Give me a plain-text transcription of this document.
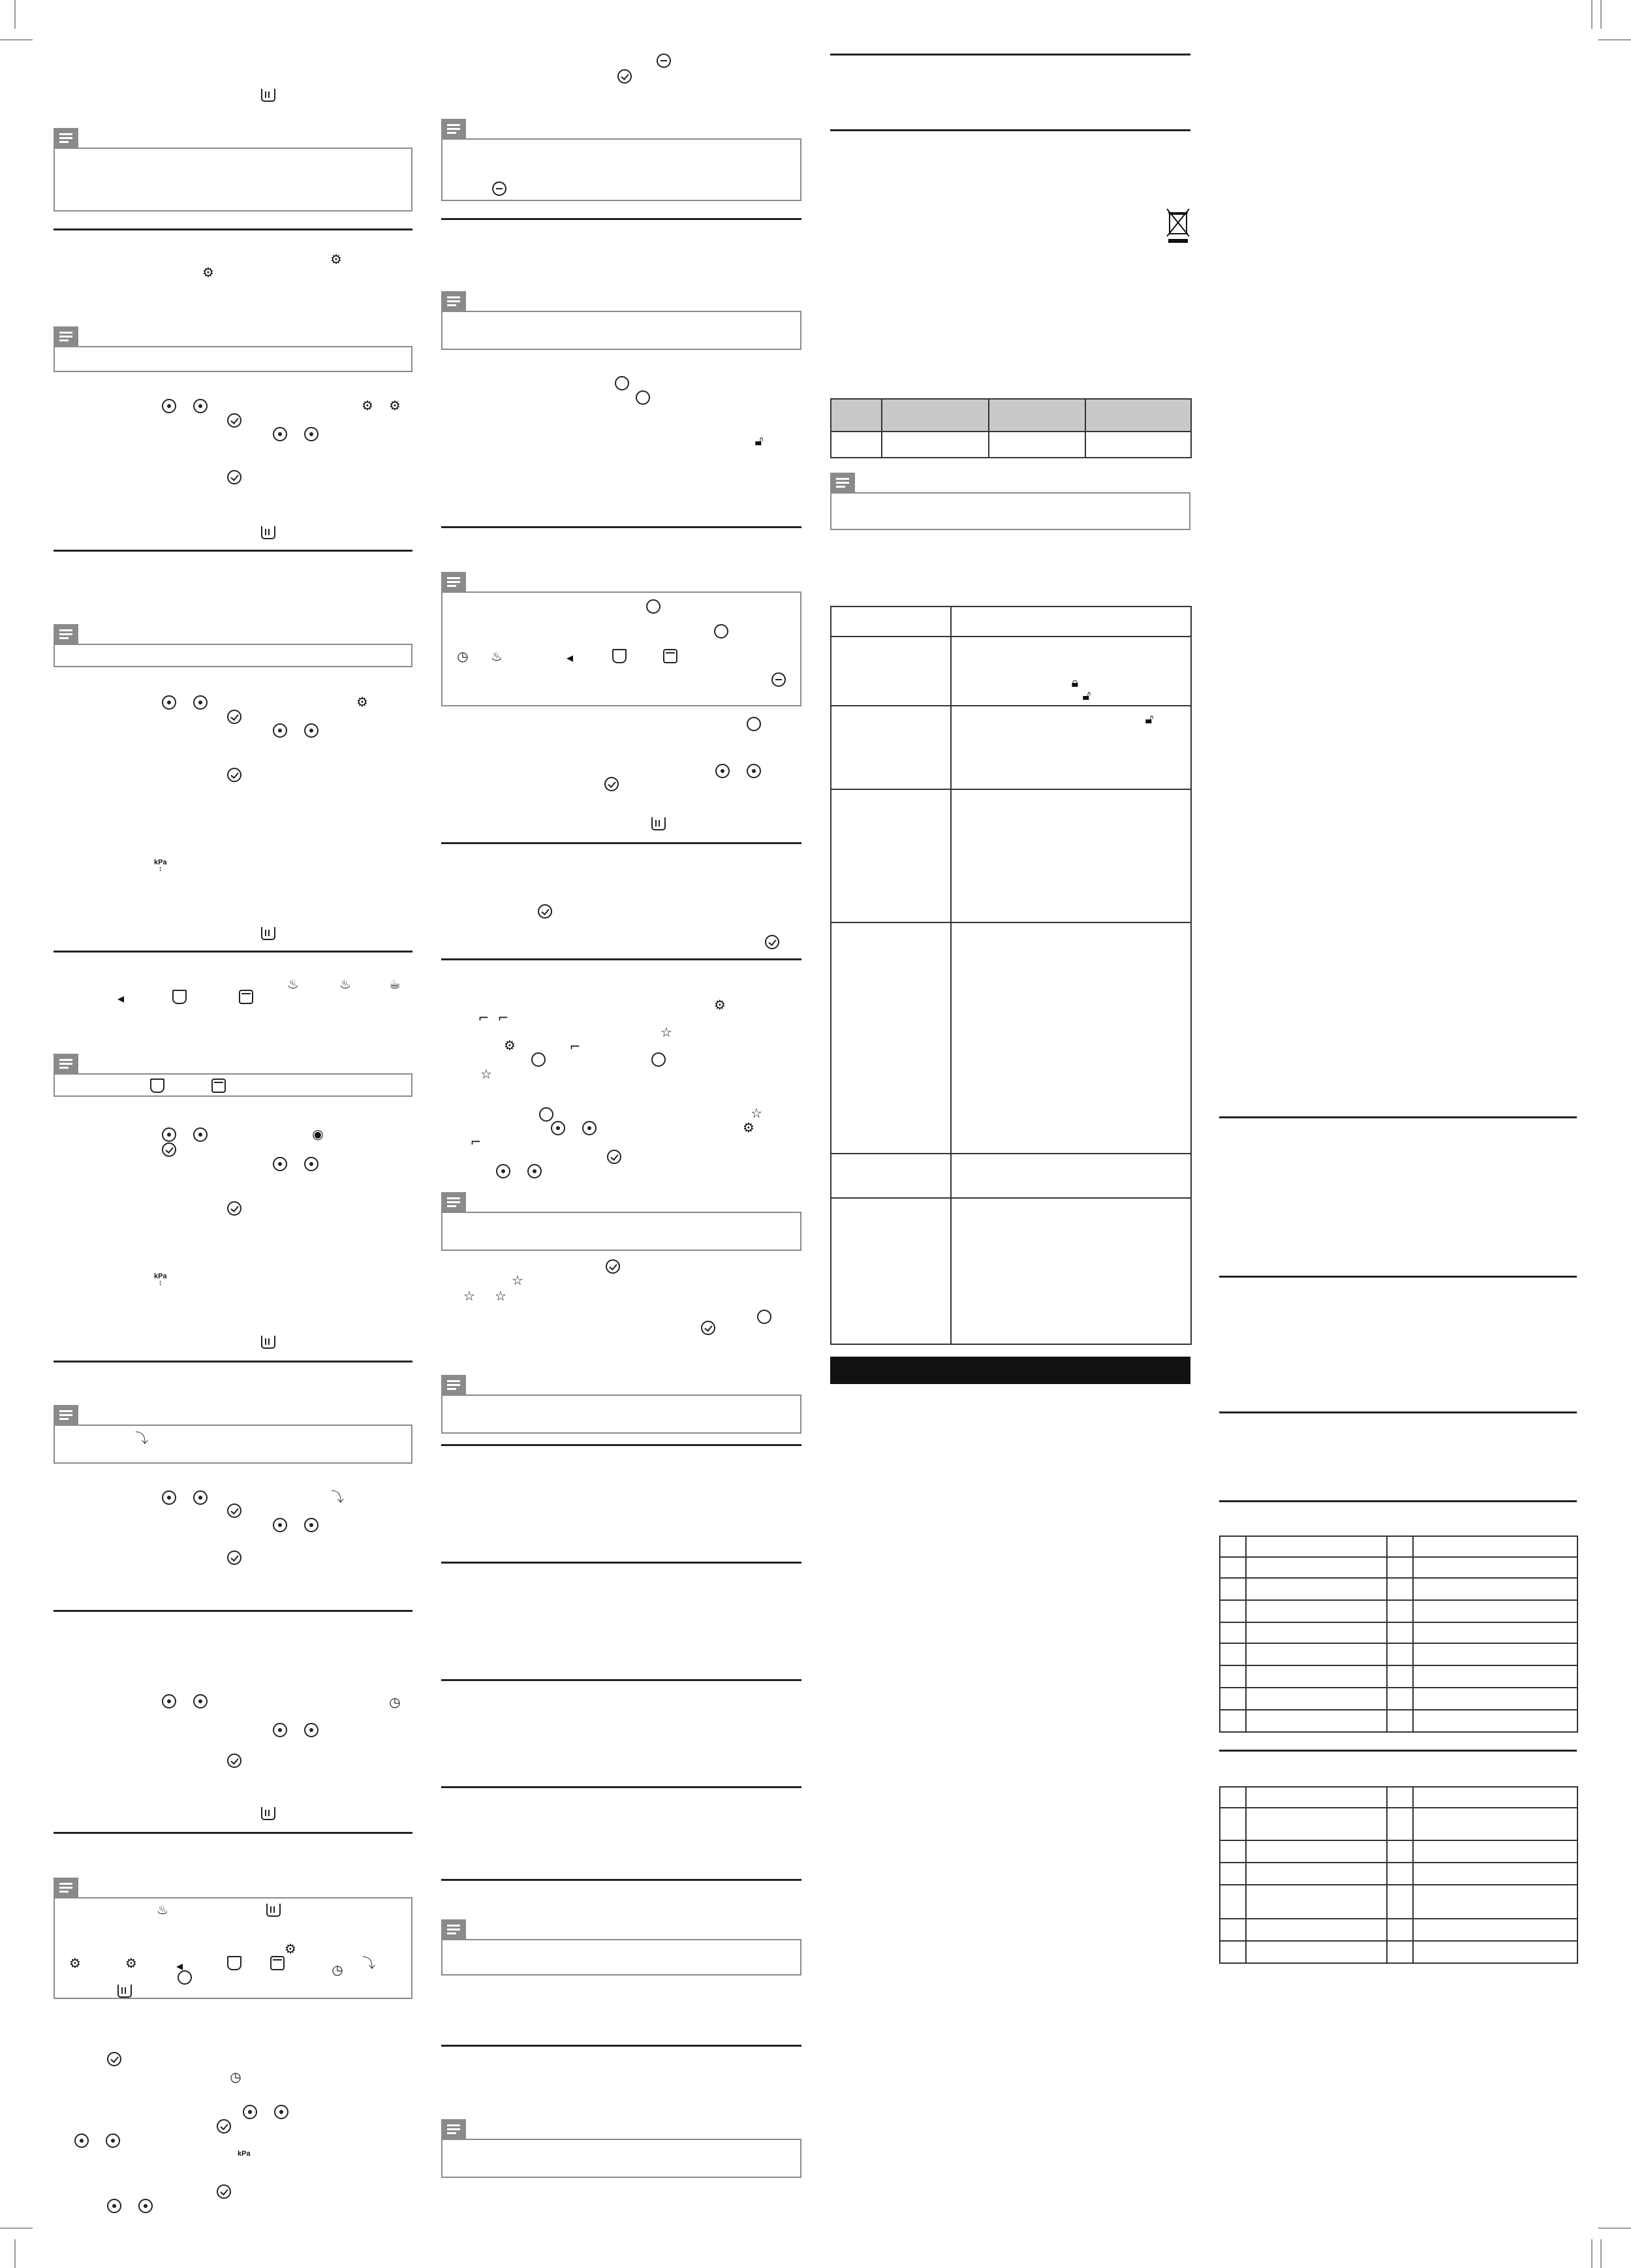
⚙
⚙
⚙ ⚙
⚙
kPa
↕
♨	♨	☕
◂
◉
kPa
↕
⤵
⤵
◷
♨
⚙
⚙	⚙	◂	◷ ⤵
◷
kPa
🔓︎
◷ ♨	◂
⚙
⌐ ⌐
☆
⚙	⌐
☆
☆
⚙
⌐
☆
☆ ☆

🔒︎
🔓︎
🔓︎
